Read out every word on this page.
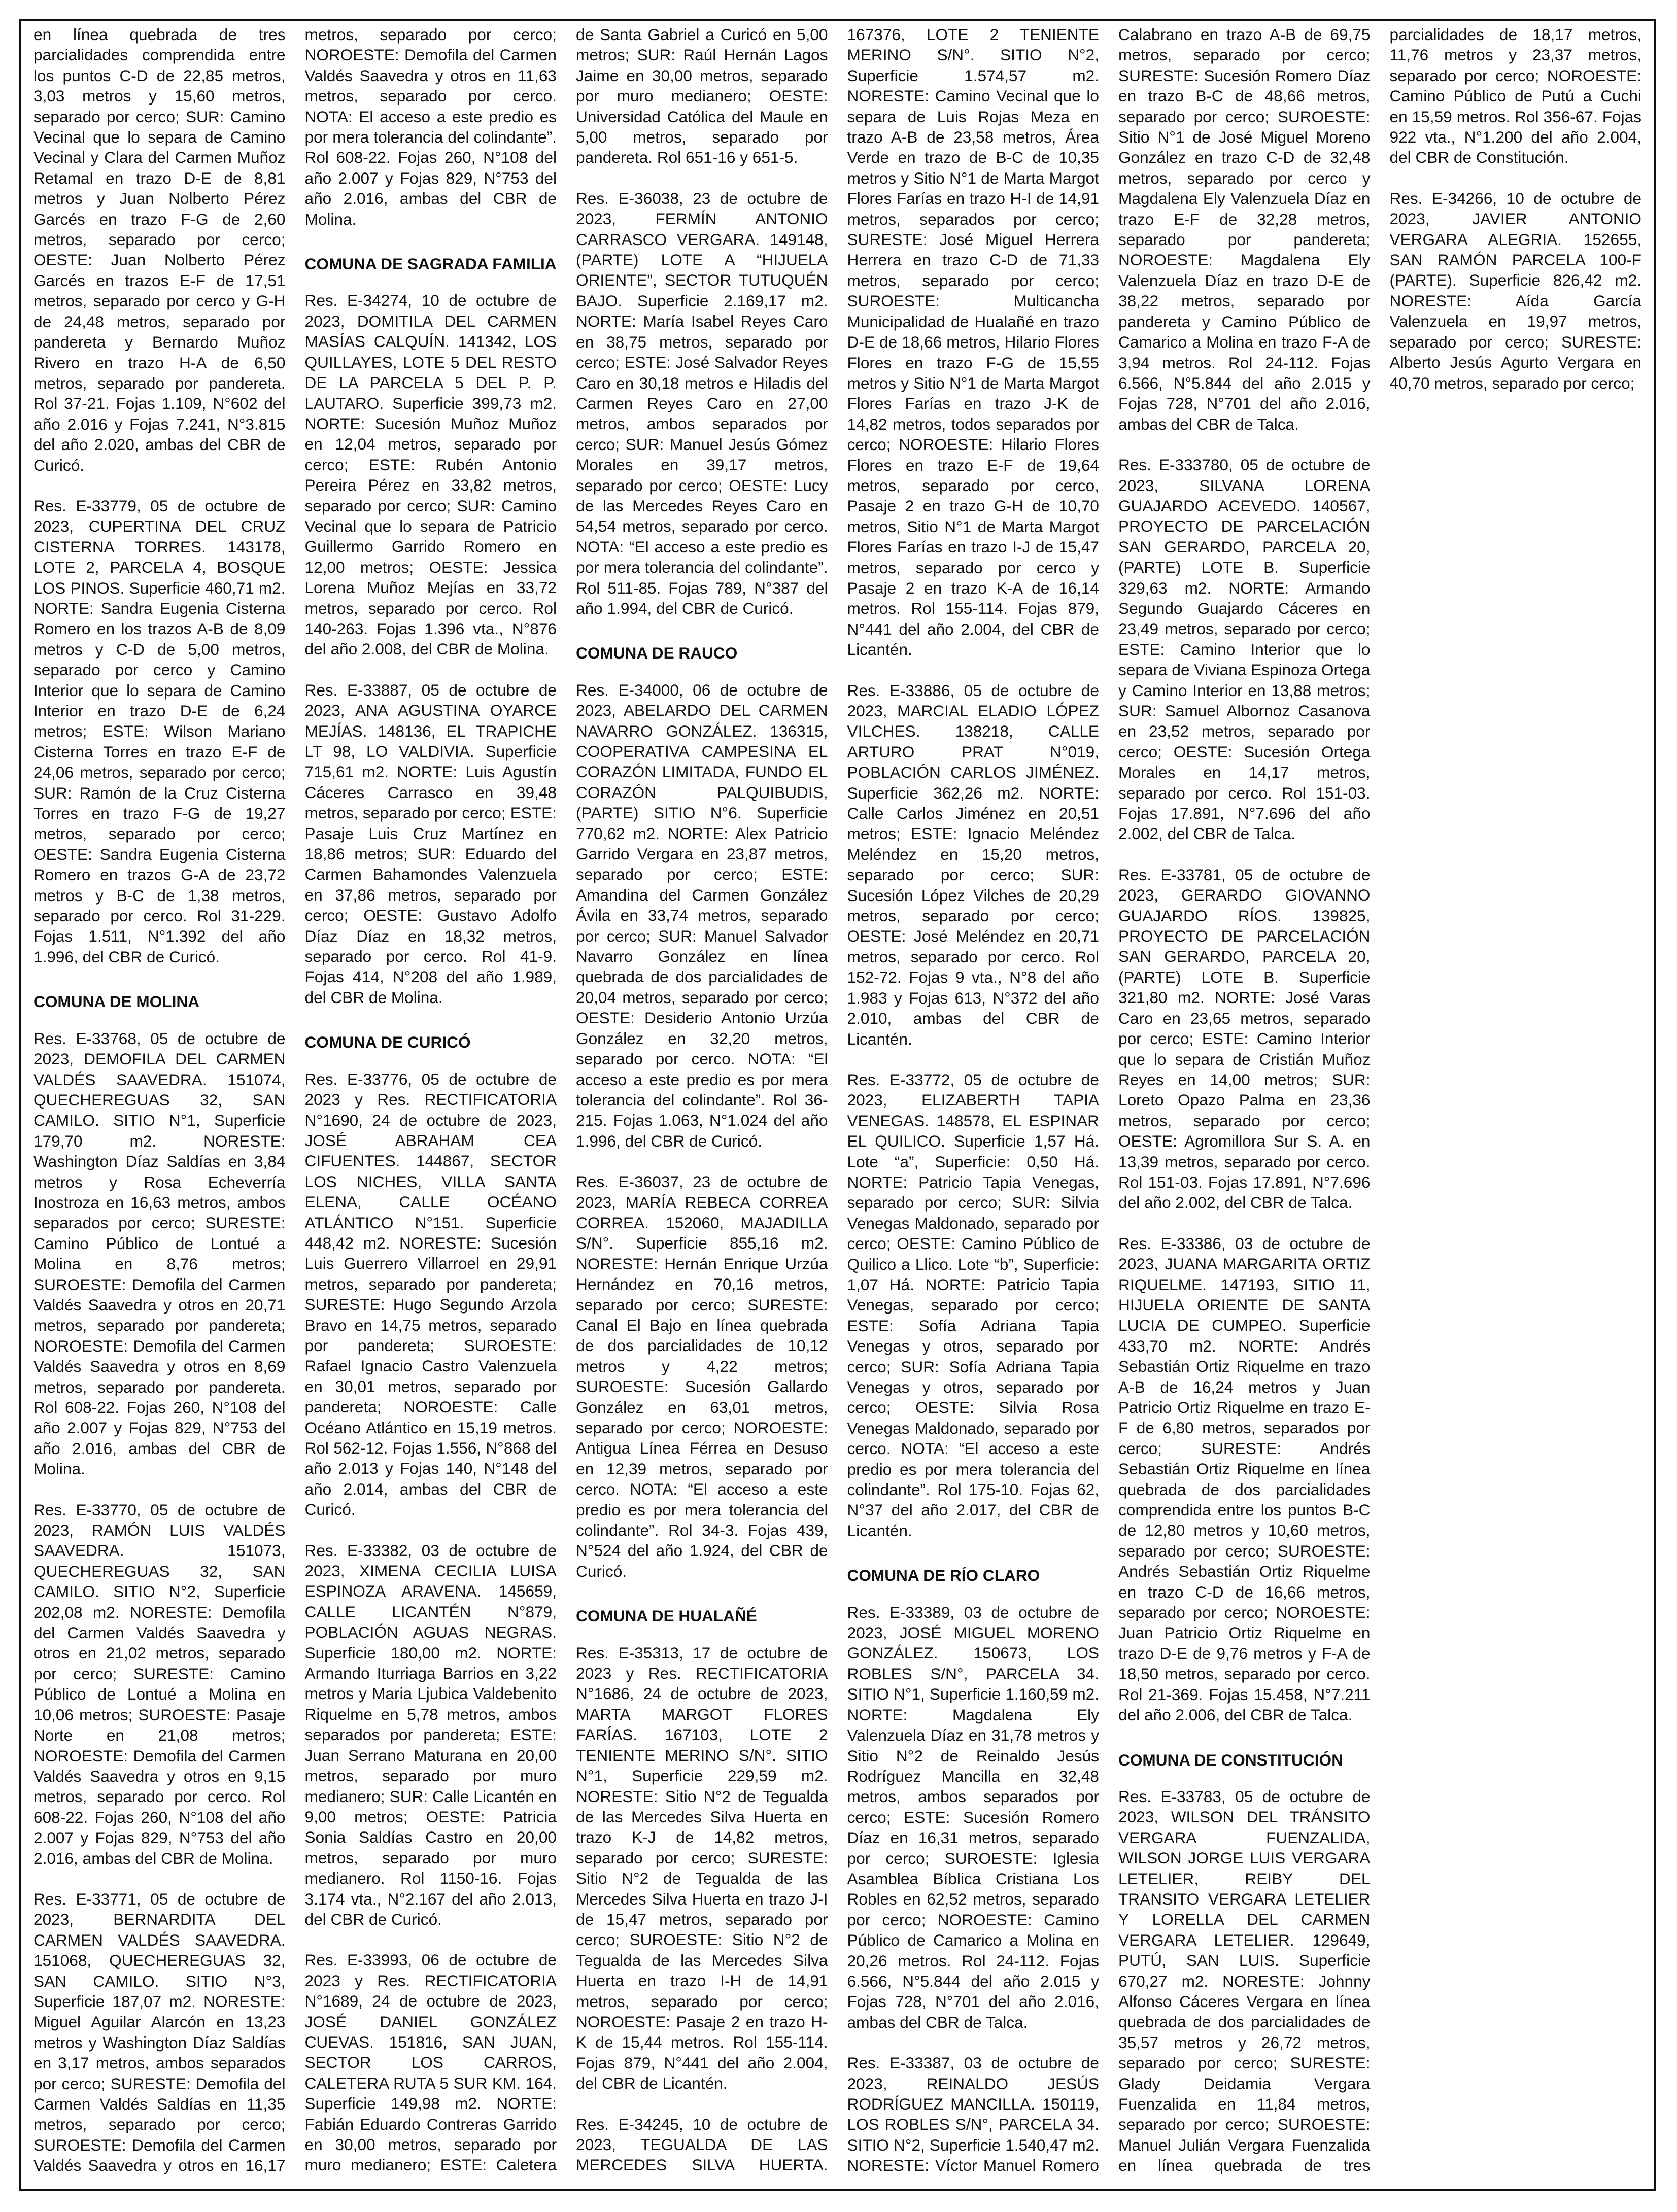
en línea quebrada de tres parcialidades comprendida entre los puntos C-D de 22,85 metros, 3,03 metros y 15,60 metros, separado por cerco; SUR: Camino Vecinal que lo separa de Camino Vecinal y Clara del Carmen Muñoz Retamal en trazo D-E de 8,81 metros y Juan Nolberto Pérez Garcés en trazo F-G de 2,60 metros, separado por cerco; OESTE: Juan Nolberto Pérez Garcés en trazos E-F de 17,51 metros, separado por cerco y G-H de 24,48 metros, separado por pandereta y Bernardo Muñoz Rivero en trazo H-A de 6,50 metros, separado por pandereta. Rol 37-21. Fojas 1.109, N°602 del año 2.016 y Fojas 7.241, N°3.815 del año 2.020, ambas del CBR de Curicó.
Res. E-33779, 05 de octubre de 2023, CUPERTINA DEL CRUZ CISTERNA TORRES. 143178, LOTE 2, PARCELA 4, BOSQUE LOS PINOS. Superficie 460,71 m2. NORTE: Sandra Eugenia Cisterna Romero en los trazos A-B de 8,09 metros y C-D de 5,00 metros, separado por cerco y Camino Interior que lo separa de Camino Interior en trazo D-E de 6,24 metros; ESTE: Wilson Mariano Cisterna Torres en trazo E-F de 24,06 metros, separado por cerco; SUR: Ramón de la Cruz Cisterna Torres en trazo F-G de 19,27 metros, separado por cerco; OESTE: Sandra Eugenia Cisterna Romero en trazos G-A de 23,72 metros y B-C de 1,38 metros, separado por cerco. Rol 31-229. Fojas 1.511, N°1.392 del año 1.996, del CBR de Curicó.
COMUNA DE MOLINA
Res. E-33768, 05 de octubre de 2023, DEMOFILA DEL CARMEN VALDÉS SAAVEDRA. 151074, QUECHEREGUAS 32, SAN CAMILO. SITIO N°1, Superficie 179,70 m2. NORESTE: Washington Díaz Saldías en 3,84 metros y Rosa Echeverría Inostroza en 16,63 metros, ambos separados por cerco; SURESTE: Camino Público de Lontué a Molina en 8,76 metros; SUROESTE: Demofila del Carmen Valdés Saavedra y otros en 20,71 metros, separado por pandereta; NOROESTE: Demofila del Carmen Valdés Saavedra y otros en 8,69 metros, separado por pandereta. Rol 608-22. Fojas 260, N°108 del año 2.007 y Fojas 829, N°753 del año 2.016, ambas del CBR de Molina.
Res. E-33770, 05 de octubre de 2023, RAMÓN LUIS VALDÉS SAAVEDRA. 151073, QUECHEREGUAS 32, SAN CAMILO. SITIO N°2, Superficie 202,08 m2. NORESTE: Demofila del Carmen Valdés Saavedra y otros en 21,02 metros, separado por cerco; SURESTE: Camino Público de Lontué a Molina en 10,06 metros; SUROESTE: Pasaje Norte en 21,08 metros; NOROESTE: Demofila del Carmen Valdés Saavedra y otros en 9,15 metros, separado por cerco. Rol 608-22. Fojas 260, N°108 del año 2.007 y Fojas 829, N°753 del año 2.016, ambas del CBR de Molina.
Res. E-33771, 05 de octubre de 2023, BERNARDITA DEL CARMEN VALDÉS SAAVEDRA. 151068, QUECHEREGUAS 32, SAN CAMILO. SITIO N°3, Superficie 187,07 m2. NORESTE: Miguel Aguilar Alarcón en 13,23 metros y Washington Díaz Saldías en 3,17 metros, ambos separados por cerco; SURESTE: Demofila del Carmen Valdés Saldías en 11,35 metros, separado por cerco; SUROESTE: Demofila del Carmen Valdés Saavedra y otros en 16,17 metros, separado por cerco; NOROESTE: Demofila del Carmen Valdés Saavedra y otros en 11,63 metros, separado por cerco. NOTA: El acceso a este predio es por mera tolerancia del colindante”. Rol 608-22. Fojas 260, N°108 del año 2.007 y Fojas 829, N°753 del año 2.016, ambas del CBR de Molina.
COMUNA DE SAGRADA FAMILIA
Res. E-34274, 10 de octubre de 2023, DOMITILA DEL CARMEN MASÍAS CALQUÍN. 141342, LOS QUILLAYES, LOTE 5 DEL RESTO DE LA PARCELA 5 DEL P. P. LAUTARO. Superficie 399,73 m2. NORTE: Sucesión Muñoz Muñoz en 12,04 metros, separado por cerco; ESTE: Rubén Antonio Pereira Pérez en 33,82 metros, separado por cerco; SUR: Camino Vecinal que lo separa de Patricio Guillermo Garrido Romero en 12,00 metros; OESTE: Jessica Lorena Muñoz Mejías en 33,72 metros, separado por cerco. Rol 140-263. Fojas 1.396 vta., N°876 del año 2.008, del CBR de Molina.
Res. E-33887, 05 de octubre de 2023, ANA AGUSTINA OYARCE MEJÍAS. 148136, EL TRAPICHE LT 98, LO VALDIVIA. Superficie 715,61 m2. NORTE: Luis Agustín Cáceres Carrasco en 39,48 metros, separado por cerco; ESTE: Pasaje Luis Cruz Martínez en 18,86 metros; SUR: Eduardo del Carmen Bahamondes Valenzuela en 37,86 metros, separado por cerco; OESTE: Gustavo Adolfo Díaz Díaz en 18,32 metros, separado por cerco. Rol 41-9. Fojas 414, N°208 del año 1.989, del CBR de Molina.
COMUNA DE CURICÓ
Res. E-33776, 05 de octubre de 2023 y Res. RECTIFICATORIA N°1690, 24 de octubre de 2023, JOSÉ ABRAHAM CEA CIFUENTES. 144867, SECTOR LOS NICHES, VILLA SANTA ELENA, CALLE OCÉANO ATLÁNTICO N°151. Superficie 448,42 m2. NORESTE: Sucesión Luis Guerrero Villarroel en 29,91 metros, separado por pandereta; SURESTE: Hugo Segundo Arzola Bravo en 14,75 metros, separado por pandereta; SUROESTE: Rafael Ignacio Castro Valenzuela en 30,01 metros, separado por pandereta; NOROESTE: Calle Océano Atlántico en 15,19 metros. Rol 562-12. Fojas 1.556, N°868 del año 2.013 y Fojas 140, N°148 del año 2.014, ambas del CBR de Curicó.
Res. E-33382, 03 de octubre de 2023, XIMENA CECILIA LUISA ESPINOZA ARAVENA. 145659, CALLE LICANTÉN N°879, POBLACIÓN AGUAS NEGRAS. Superficie 180,00 m2. NORTE: Armando Iturriaga Barrios en 3,22 metros y Maria Ljubica Valdebenito Riquelme en 5,78 metros, ambos separados por pandereta; ESTE: Juan Serrano Maturana en 20,00 metros, separado por muro medianero; SUR: Calle Licantén en 9,00 metros; OESTE: Patricia Sonia Saldías Castro en 20,00 metros, separado por muro medianero. Rol 1150-16. Fojas 3.174 vta., N°2.167 del año 2.013, del CBR de Curicó.
Res. E-33993, 06 de octubre de 2023 y Res. RECTIFICATORIA N°1689, 24 de octubre de 2023, JOSÉ DANIEL GONZÁLEZ CUEVAS. 151816, SAN JUAN, SECTOR LOS CARROS, CALETERA RUTA 5 SUR KM. 164. Superficie 149,98 m2. NORTE: Fabián Eduardo Contreras Garrido en 30,00 metros, separado por muro medianero; ESTE: Caletera de Santa Gabriel a Curicó en 5,00 metros; SUR: Raúl Hernán Lagos Jaime en 30,00 metros, separado por muro medianero; OESTE: Universidad Católica del Maule en 5,00 metros, separado por pandereta. Rol 651-16 y 651-5.
Res. E-36038, 23 de octubre de 2023, FERMÍN ANTONIO CARRASCO VERGARA. 149148, (PARTE) LOTE A “HIJUELA ORIENTE”, SECTOR TUTUQUÉN BAJO. Superficie 2.169,17 m2. NORTE: María Isabel Reyes Caro en 38,75 metros, separado por cerco; ESTE: José Salvador Reyes Caro en 30,18 metros e Hiladis del Carmen Reyes Caro en 27,00 metros, ambos separados por cerco; SUR: Manuel Jesús Gómez Morales en 39,17 metros, separado por cerco; OESTE: Lucy de las Mercedes Reyes Caro en 54,54 metros, separado por cerco. NOTA: “El acceso a este predio es por mera tolerancia del colindante”. Rol 511-85. Fojas 789, N°387 del año 1.994, del CBR de Curicó.
COMUNA DE RAUCO
Res. E-34000, 06 de octubre de 2023, ABELARDO DEL CARMEN NAVARRO GONZÁLEZ. 136315, COOPERATIVA CAMPESINA EL CORAZÓN LIMITADA, FUNDO EL CORAZÓN PALQUIBUDIS, (PARTE) SITIO N°6. Superficie 770,62 m2. NORTE: Alex Patricio Garrido Vergara en 23,87 metros, separado por cerco; ESTE: Amandina del Carmen González Ávila en 33,74 metros, separado por cerco; SUR: Manuel Salvador Navarro González en línea quebrada de dos parcialidades de 20,04 metros, separado por cerco; OESTE: Desiderio Antonio Urzúa González en 32,20 metros, separado por cerco. NOTA: “El acceso a este predio es por mera tolerancia del colindante”. Rol 36-215. Fojas 1.063, N°1.024 del año 1.996, del CBR de Curicó.
Res. E-36037, 23 de octubre de 2023, MARÍA REBECA CORREA CORREA. 152060, MAJADILLA S/N°. Superficie 855,16 m2. NORESTE: Hernán Enrique Urzúa Hernández en 70,16 metros, separado por cerco; SURESTE: Canal El Bajo en línea quebrada de dos parcialidades de 10,12 metros y 4,22 metros; SUROESTE: Sucesión Gallardo González en 63,01 metros, separado por cerco; NOROESTE: Antigua Línea Férrea en Desuso en 12,39 metros, separado por cerco. NOTA: “El acceso a este predio es por mera tolerancia del colindante”. Rol 34-3. Fojas 439, N°524 del año 1.924, del CBR de Curicó.
COMUNA DE HUALAÑÉ
Res. E-35313, 17 de octubre de 2023 y Res. RECTIFICATORIA N°1686, 24 de octubre de 2023, MARTA MARGOT FLORES FARÍAS. 167103, LOTE 2 TENIENTE MERINO S/N°. SITIO N°1, Superficie 229,59 m2. NORESTE: Sitio N°2 de Tegualda de las Mercedes Silva Huerta en trazo K-J de 14,82 metros, separado por cerco; SURESTE: Sitio N°2 de Tegualda de las Mercedes Silva Huerta en trazo J-I de 15,47 metros, separado por cerco; SUROESTE: Sitio N°2 de Tegualda de las Mercedes Silva Huerta en trazo I-H de 14,91 metros, separado por cerco; NOROESTE: Pasaje 2 en trazo H-K de 15,44 metros. Rol 155-114. Fojas 879, N°441 del año 2.004, del CBR de Licantén.
Res. E-34245, 10 de octubre de 2023, TEGUALDA DE LAS MERCEDES SILVA HUERTA. 167376, LOTE 2 TENIENTE MERINO S/N°. SITIO N°2, Superficie 1.574,57 m2. NORESTE: Camino Vecinal que lo separa de Luis Rojas Meza en trazo A-B de 23,58 metros, Área Verde en trazo de B-C de 10,35 metros y Sitio N°1 de Marta Margot Flores Farías en trazo H-I de 14,91 metros, separados por cerco; SURESTE: José Miguel Herrera Herrera en trazo C-D de 71,33 metros, separado por cerco; SUROESTE: Multicancha Municipalidad de Hualañé en trazo D-E de 18,66 metros, Hilario Flores Flores en trazo F-G de 15,55 metros y Sitio N°1 de Marta Margot Flores Farías en trazo J-K de 14,82 metros, todos separados por cerco; NOROESTE: Hilario Flores Flores en trazo E-F de 19,64 metros, separado por cerco, Pasaje 2 en trazo G-H de 10,70 metros, Sitio N°1 de Marta Margot Flores Farías en trazo I-J de 15,47 metros, separado por cerco y Pasaje 2 en trazo K-A de 16,14 metros. Rol 155-114. Fojas 879, N°441 del año 2.004, del CBR de Licantén.
Res. E-33886, 05 de octubre de 2023, MARCIAL ELADIO LÓPEZ VILCHES. 138218, CALLE ARTURO PRAT N°019, POBLACIÓN CARLOS JIMÉNEZ. Superficie 362,26 m2. NORTE: Calle Carlos Jiménez en 20,51 metros; ESTE: Ignacio Meléndez Meléndez en 15,20 metros, separado por cerco; SUR: Sucesión López Vilches de 20,29 metros, separado por cerco; OESTE: José Meléndez en 20,71 metros, separado por cerco. Rol 152-72. Fojas 9 vta., N°8 del año 1.983 y Fojas 613, N°372 del año 2.010, ambas del CBR de Licantén.
Res. E-33772, 05 de octubre de 2023, ELIZABERTH TAPIA VENEGAS. 148578, EL ESPINAR EL QUILICO. Superficie 1,57 Há. Lote “a”, Superficie: 0,50 Há. NORTE: Patricio Tapia Venegas, separado por cerco; SUR: Silvia Venegas Maldonado, separado por cerco; OESTE: Camino Público de Quilico a Llico. Lote “b”, Superficie: 1,07 Há. NORTE: Patricio Tapia Venegas, separado por cerco; ESTE: Sofía Adriana Tapia Venegas y otros, separado por cerco; SUR: Sofía Adriana Tapia Venegas y otros, separado por cerco; OESTE: Silvia Rosa Venegas Maldonado, separado por cerco. NOTA: “El acceso a este predio es por mera tolerancia del colindante”. Rol 175-10. Fojas 62, N°37 del año 2.017, del CBR de Licantén.
COMUNA DE RÍO CLARO
Res. E-33389, 03 de octubre de 2023, JOSÉ MIGUEL MORENO GONZÁLEZ. 150673, LOS ROBLES S/N°, PARCELA 34. SITIO N°1, Superficie 1.160,59 m2. NORTE: Magdalena Ely Valenzuela Díaz en 31,78 metros y Sitio N°2 de Reinaldo Jesús Rodríguez Mancilla en 32,48 metros, ambos separados por cerco; ESTE: Sucesión Romero Díaz en 16,31 metros, separado por cerco; SUROESTE: Iglesia Asamblea Bíblica Cristiana Los Robles en 62,52 metros, separado por cerco; NOROESTE: Camino Público de Camarico a Molina en 20,26 metros. Rol 24-112. Fojas 6.566, N°5.844 del año 2.015 y Fojas 728, N°701 del año 2.016, ambas del CBR de Talca.
Res. E-33387, 03 de octubre de 2023, REINALDO JESÚS RODRÍGUEZ MANCILLA. 150119, LOS ROBLES S/N°, PARCELA 34. SITIO N°2, Superficie 1.540,47 m2. NORESTE: Víctor Manuel Romero Calabrano en trazo A-B de 69,75 metros, separado por cerco; SURESTE: Sucesión Romero Díaz en trazo B-C de 48,66 metros, separado por cerco; SUROESTE: Sitio N°1 de José Miguel Moreno González en trazo C-D de 32,48 metros, separado por cerco y Magdalena Ely Valenzuela Díaz en trazo E-F de 32,28 metros, separado por pandereta; NOROESTE: Magdalena Ely Valenzuela Díaz en trazo D-E de 38,22 metros, separado por pandereta y Camino Público de Camarico a Molina en trazo F-A de 3,94 metros. Rol 24-112. Fojas 6.566, N°5.844 del año 2.015 y Fojas 728, N°701 del año 2.016, ambas del CBR de Talca.
Res. E-333780, 05 de octubre de 2023, SILVANA LORENA GUAJARDO ACEVEDO. 140567, PROYECTO DE PARCELACIÓN SAN GERARDO, PARCELA 20, (PARTE) LOTE B. Superficie 329,63 m2. NORTE: Armando Segundo Guajardo Cáceres en 23,49 metros, separado por cerco; ESTE: Camino Interior que lo separa de Viviana Espinoza Ortega y Camino Interior en 13,88 metros; SUR: Samuel Albornoz Casanova en 23,52 metros, separado por cerco; OESTE: Sucesión Ortega Morales en 14,17 metros, separado por cerco. Rol 151-03. Fojas 17.891, N°7.696 del año 2.002, del CBR de Talca.
Res. E-33781, 05 de octubre de 2023, GERARDO GIOVANNO GUAJARDO RÍOS. 139825, PROYECTO DE PARCELACIÓN SAN GERARDO, PARCELA 20, (PARTE) LOTE B. Superficie 321,80 m2. NORTE: José Varas Caro en 23,65 metros, separado por cerco; ESTE: Camino Interior que lo separa de Cristián Muñoz Reyes en 14,00 metros; SUR: Loreto Opazo Palma en 23,36 metros, separado por cerco; OESTE: Agromillora Sur S. A. en 13,39 metros, separado por cerco. Rol 151-03. Fojas 17.891, N°7.696 del año 2.002, del CBR de Talca.
Res. E-33386, 03 de octubre de 2023, JUANA MARGARITA ORTIZ RIQUELME. 147193, SITIO 11, HIJUELA ORIENTE DE SANTA LUCIA DE CUMPEO. Superficie 433,70 m2. NORTE: Andrés Sebastián Ortiz Riquelme en trazo A-B de 16,24 metros y Juan Patricio Ortiz Riquelme en trazo E-F de 6,80 metros, separados por cerco; SURESTE: Andrés Sebastián Ortiz Riquelme en línea quebrada de dos parcialidades comprendida entre los puntos B-C de 12,80 metros y 10,60 metros, separado por cerco; SUROESTE: Andrés Sebastián Ortiz Riquelme en trazo C-D de 16,66 metros, separado por cerco; NOROESTE: Juan Patricio Ortiz Riquelme en trazo D-E de 9,76 metros y F-A de 18,50 metros, separado por cerco. Rol 21-369. Fojas 15.458, N°7.211 del año 2.006, del CBR de Talca.
COMUNA DE CONSTITUCIÓN
Res. E-33783, 05 de octubre de 2023, WILSON DEL TRÁNSITO VERGARA FUENZALIDA, WILSON JORGE LUIS VERGARA LETELIER, REIBY DEL TRANSITO VERGARA LETELIER Y LORELLA DEL CARMEN VERGARA LETELIER. 129649, PUTÚ, SAN LUIS. Superficie 670,27 m2. NORESTE: Johnny Alfonso Cáceres Vergara en línea quebrada de dos parcialidades de 35,57 metros y 26,72 metros, separado por cerco; SURESTE: Glady Deidamia Vergara Fuenzalida en 11,84 metros, separado por cerco; SUROESTE: Manuel Julián Vergara Fuenzalida en línea quebrada de tres parcialidades de 18,17 metros, 11,76 metros y 23,37 metros, separado por cerco; NOROESTE: Camino Público de Putú a Cuchi en 15,59 metros. Rol 356-67. Fojas 922 vta., N°1.200 del año 2.004, del CBR de Constitución.
Res. E-34266, 10 de octubre de 2023, JAVIER ANTONIO VERGARA ALEGRIA. 152655, SAN RAMÓN PARCELA 100-F (PARTE). Superficie 826,42 m2. NORESTE: Aída García Valenzuela en 19,97 metros, separado por cerco; SURESTE: Alberto Jesús Agurto Vergara en 40,70 metros, separado por cerco;
